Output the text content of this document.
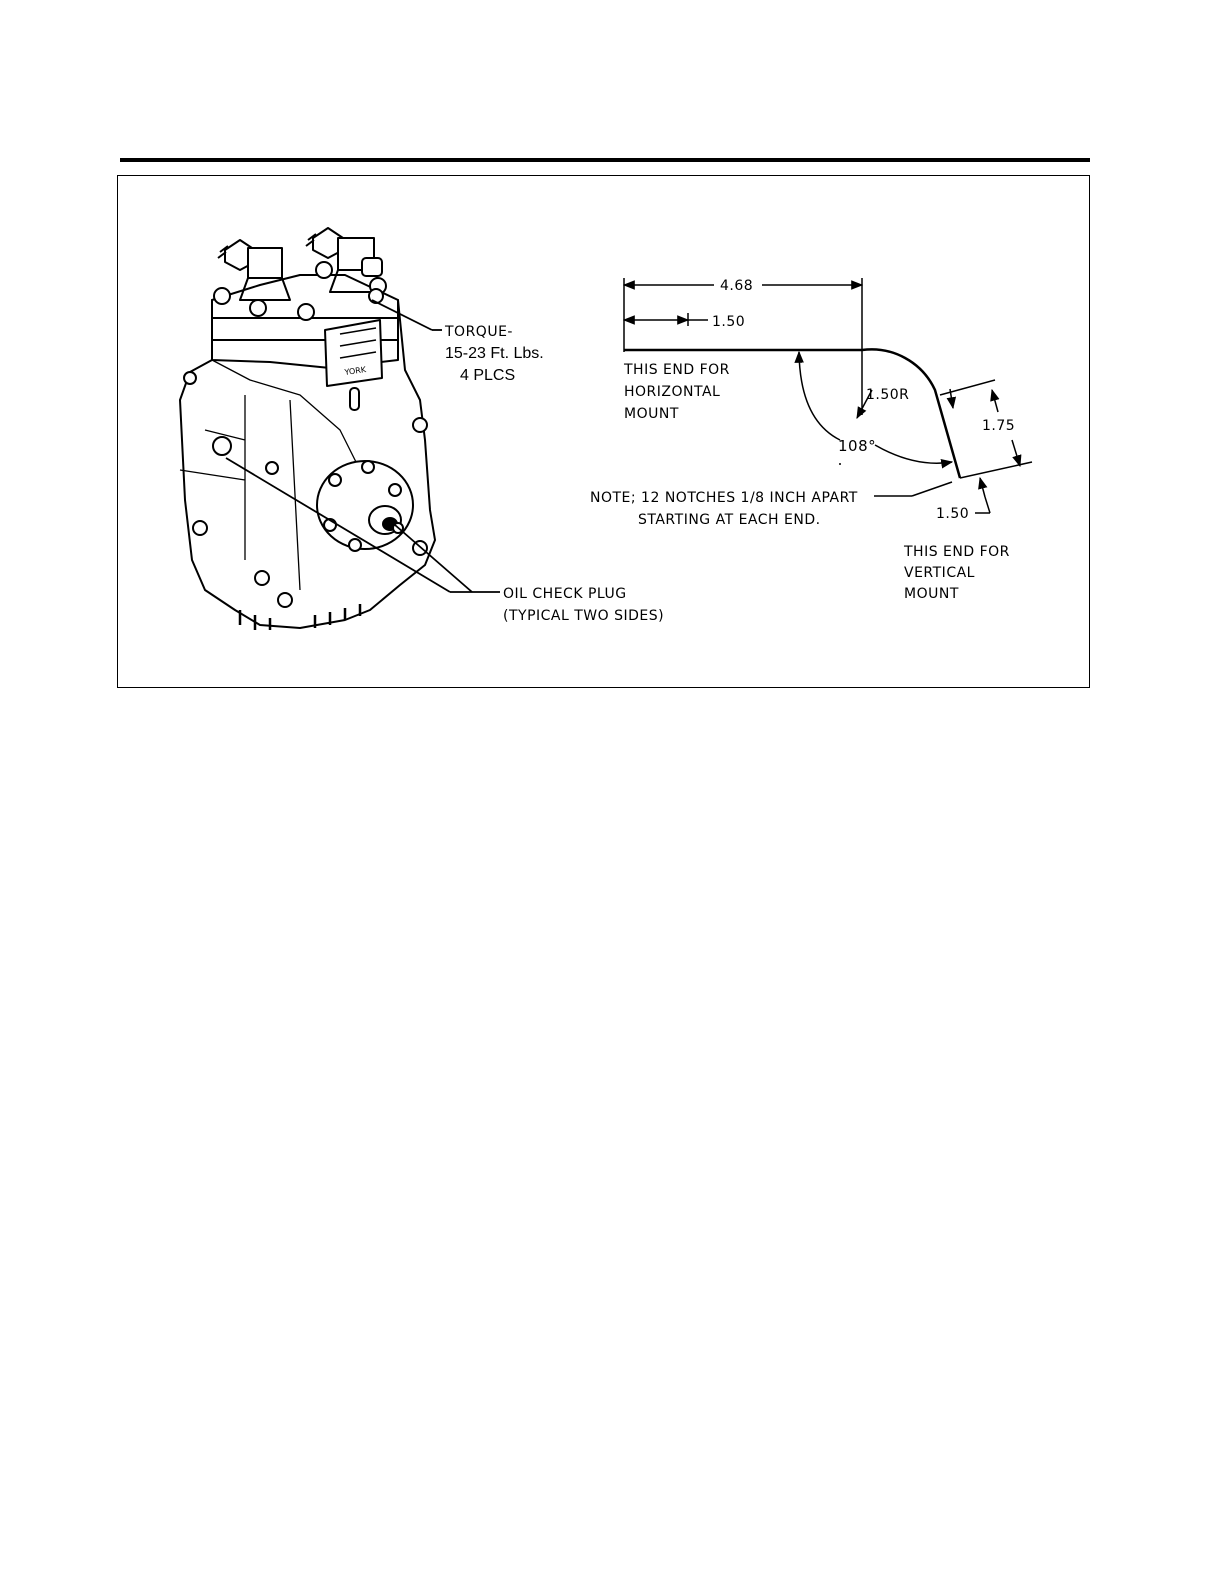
YORK
TORQUE-
15-23 Ft. Lbs.
4 PLCS
OIL CHECK PLUG
(TYPICAL TWO SIDES)
4.68
1.50
1.50R
108°
1.75
1.50
THIS END FOR
HORIZONTAL
MOUNT
NOTE; 12 NOTCHES 1/8 INCH APART
STARTING AT EACH END.
THIS END FOR
VERTICAL
MOUNT
